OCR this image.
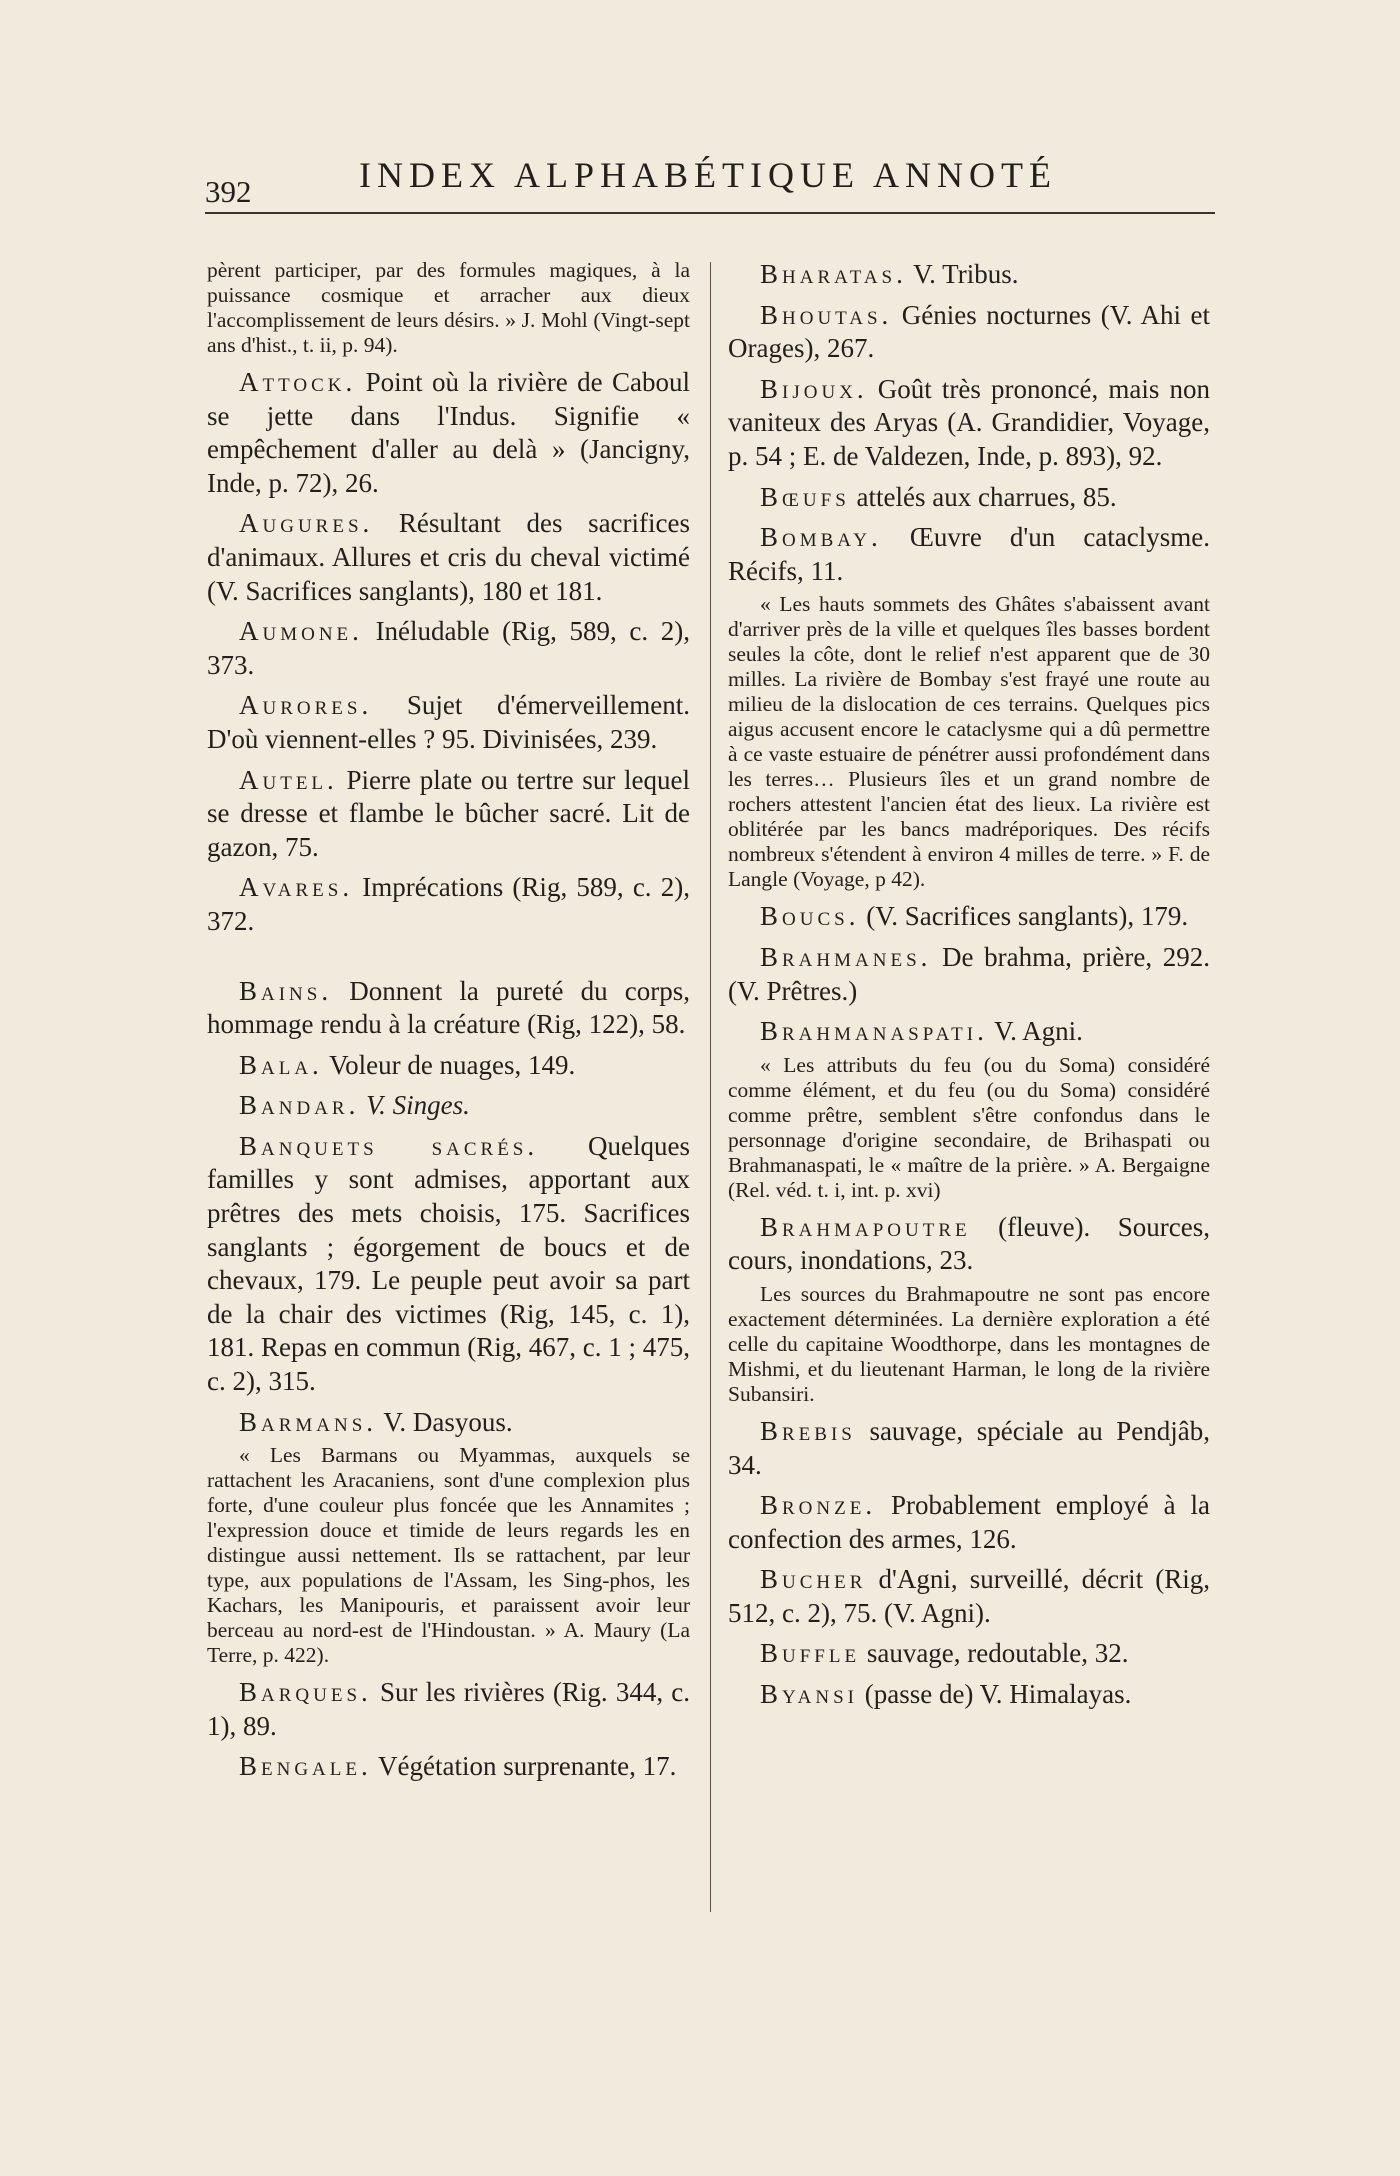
392	INDEX ALPHABÉTIQUE ANNOTÉ

pèrent participer, par des formules magiques, à la puissance cosmique et arracher aux dieux l'accomplissement de leurs désirs. » J. Mohl (Vingt-sept ans d'hist., t. ii, p. 94).

Attock. Point où la rivière de Caboul se jette dans l'Indus. Signifie « empêchement d'aller au delà » (Jancigny, Inde, p. 72), 26.

Augures. Résultant des sacrifices d'animaux. Allures et cris du cheval victimé (V. Sacrifices sanglants), 180 et 181.

Aumone. Inéludable (Rig, 589, c. 2), 373.

Aurores. Sujet d'émerveillement. D'où viennent-elles ? 95. Divinisées, 239.

Autel. Pierre plate ou tertre sur lequel se dresse et flambe le bûcher sacré. Lit de gazon, 75.

Avares. Imprécations (Rig, 589, c. 2), 372.

Bains. Donnent la pureté du corps, hommage rendu à la créature (Rig, 122), 58.

Bala. Voleur de nuages, 149.

Bandar. V. Singes.

Banquets sacrés. Quelques familles y sont admises, apportant aux prêtres des mets choisis, 175. Sacrifices sanglants ; égorgement de boucs et de chevaux, 179. Le peuple peut avoir sa part de la chair des victimes (Rig, 145, c. 1), 181. Repas en commun (Rig, 467, c. 1 ; 475, c. 2), 315.

Barmans. V. Dasyous.

« Les Barmans ou Myammas, auxquels se rattachent les Aracaniens, sont d'une complexion plus forte, d'une couleur plus foncée que les Annamites ; l'expression douce et timide de leurs regards les en distingue aussi nettement. Ils se rattachent, par leur type, aux populations de l'Assam, les Sing-phos, les Kachars, les Manipouris, et paraissent avoir leur berceau au nord-est de l'Hindoustan. » A. Maury (La Terre, p. 422).

Barques. Sur les rivières (Rig. 344, c. 1), 89.

Bengale. Végétation surprenante, 17.

Bharatas. V. Tribus.

Bhoutas. Génies nocturnes (V. Ahi et Orages), 267.

Bijoux. Goût très prononcé, mais non vaniteux des Aryas (A. Grandidier, Voyage, p. 54 ; E. de Valdezen, Inde, p. 893), 92.

Bœufs attelés aux charrues, 85.

Bombay. Œuvre d'un cataclysme. Récifs, 11.

« Les hauts sommets des Ghâtes s'abaissent avant d'arriver près de la ville et quelques îles basses bordent seules la côte, dont le relief n'est apparent que de 30 milles. La rivière de Bombay s'est frayé une route au milieu de la dislocation de ces terrains. Quelques pics aigus accusent encore le cataclysme qui a dû permettre à ce vaste estuaire de pénétrer aussi profondément dans les terres… Plusieurs îles et un grand nombre de rochers attestent l'ancien état des lieux. La rivière est oblitérée par les bancs madréporiques. Des récifs nombreux s'étendent à environ 4 milles de terre. » F. de Langle (Voyage, p 42).

Boucs. (V. Sacrifices sanglants), 179.

Brahmanes. De brahma, prière, 292. (V. Prêtres.)

Brahmanaspati. V. Agni.

« Les attributs du feu (ou du Soma) considéré comme élément, et du feu (ou du Soma) considéré comme prêtre, semblent s'être confondus dans le personnage d'origine secondaire, de Brihaspati ou Brahmanaspati, le « maître de la prière. » A. Bergaigne (Rel. véd. t. i, int. p. xvi)

Brahmapoutre (fleuve). Sources, cours, inondations, 23.

Les sources du Brahmapoutre ne sont pas encore exactement déterminées. La dernière exploration a été celle du capitaine Woodthorpe, dans les montagnes de Mishmi, et du lieutenant Harman, le long de la rivière Subansiri.

Brebis sauvage, spéciale au Pendjâb, 34.

Bronze. Probablement employé à la confection des armes, 126.

Bucher d'Agni, surveillé, décrit (Rig, 512, c. 2), 75. (V. Agni).

Buffle sauvage, redoutable, 32.

Byansi (passe de) V. Himalayas.
